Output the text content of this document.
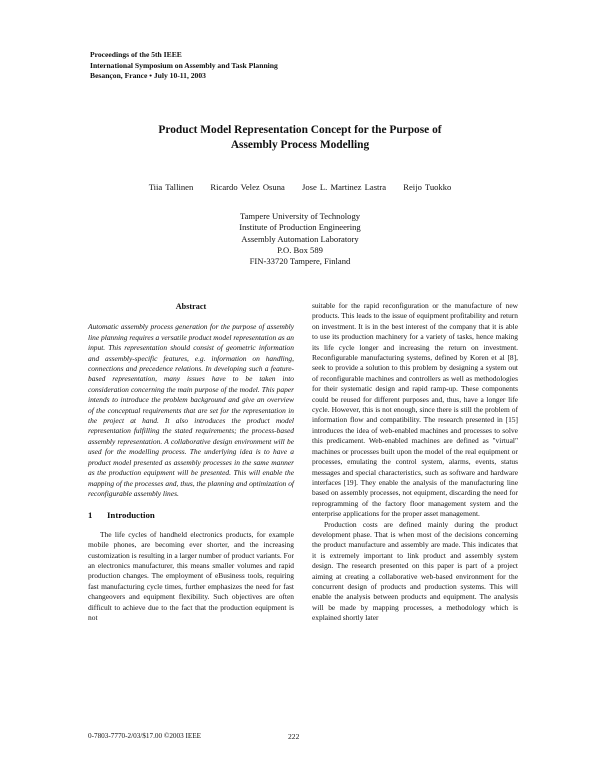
Proceedings of the 5th IEEE
International Symposium on Assembly and Task Planning
Besançon, France • July 10-11, 2003
Product Model Representation Concept for the Purpose of
Assembly Process Modelling
Tiia Tallinen Ricardo Velez Osuna Jose L. Martinez Lastra Reijo Tuokko
Tampere University of Technology
Institute of Production Engineering
Assembly Automation Laboratory
P.O. Box 589
FIN-33720 Tampere, Finland
Abstract
Automatic assembly process generation for the purpose of assembly line planning requires a versatile product model representation as an input. This representation should consist of geometric information and assembly-specific features, e.g. information on handling, connections and precedence relations. In developing such a feature-based representation, many issues have to be taken into consideration concerning the main purpose of the model. This paper intends to introduce the problem background and give an overview of the conceptual requirements that are set for the representation in the project at hand. It also introduces the product model representation fulfilling the stated requirements; the process-based assembly representation. A collaborative design environment will be used for the modelling process. The underlying idea is to have a product model presented as assembly processes in the same manner as the production equipment will be presented. This will enable the mapping of the processes and, thus, the planning and optimization of reconfigurable assembly lines.
1 Introduction

The life cycles of handheld electronics products, for example mobile phones, are becoming ever shorter, and the increasing customization is resulting in a larger number of product variants. For an electronics manufacturer, this means smaller volumes and rapid production changes. The employment of eBusiness tools, requiring fast manufacturing cycle times, further emphasizes the need for fast changeovers and equipment flexibility. Such objectives are often difficult to achieve due to the fact that the production equipment is not

suitable for the rapid reconfiguration or the manufacture of new products. This leads to the issue of equipment profitability and return on investment. It is in the best interest of the company that it is able to use its production machinery for a variety of tasks, hence making its life cycle longer and increasing the return on investment. Reconfigurable manufacturing systems, defined by Koren et al [8], seek to provide a solution to this problem by designing a system out of reconfigurable machines and controllers as well as methodologies for their systematic design and rapid ramp-up. These components could be reused for different purposes and, thus, have a longer life cycle. However, this is not enough, since there is still the problem of information flow and compatibility. The research presented in [15] introduces the idea of web-enabled machines and processes to solve this predicament. Web-enabled machines are defined as "virtual" machines or processes built upon the model of the real equipment or processes, emulating the control system, alarms, events, status messages and special characteristics, such as software and hardware interfaces [19]. They enable the analysis of the manufacturing line based on assembly processes, not equipment, discarding the need for reprogramming of the factory floor management system and the enterprise applications for the proper asset management.

Production costs are defined mainly during the product development phase. That is when most of the decisions concerning the product manufacture and assembly are made. This indicates that it is extremely important to link product and assembly system design. The research presented on this paper is part of a project aiming at creating a collaborative web-based environment for the concurrent design of products and production systems. This will enable the analysis between products and equipment. The analysis will be made by mapping processes, a methodology which is explained shortly later

0-7803-7770-2/03/$17.00 ©2003 IEEE	222
